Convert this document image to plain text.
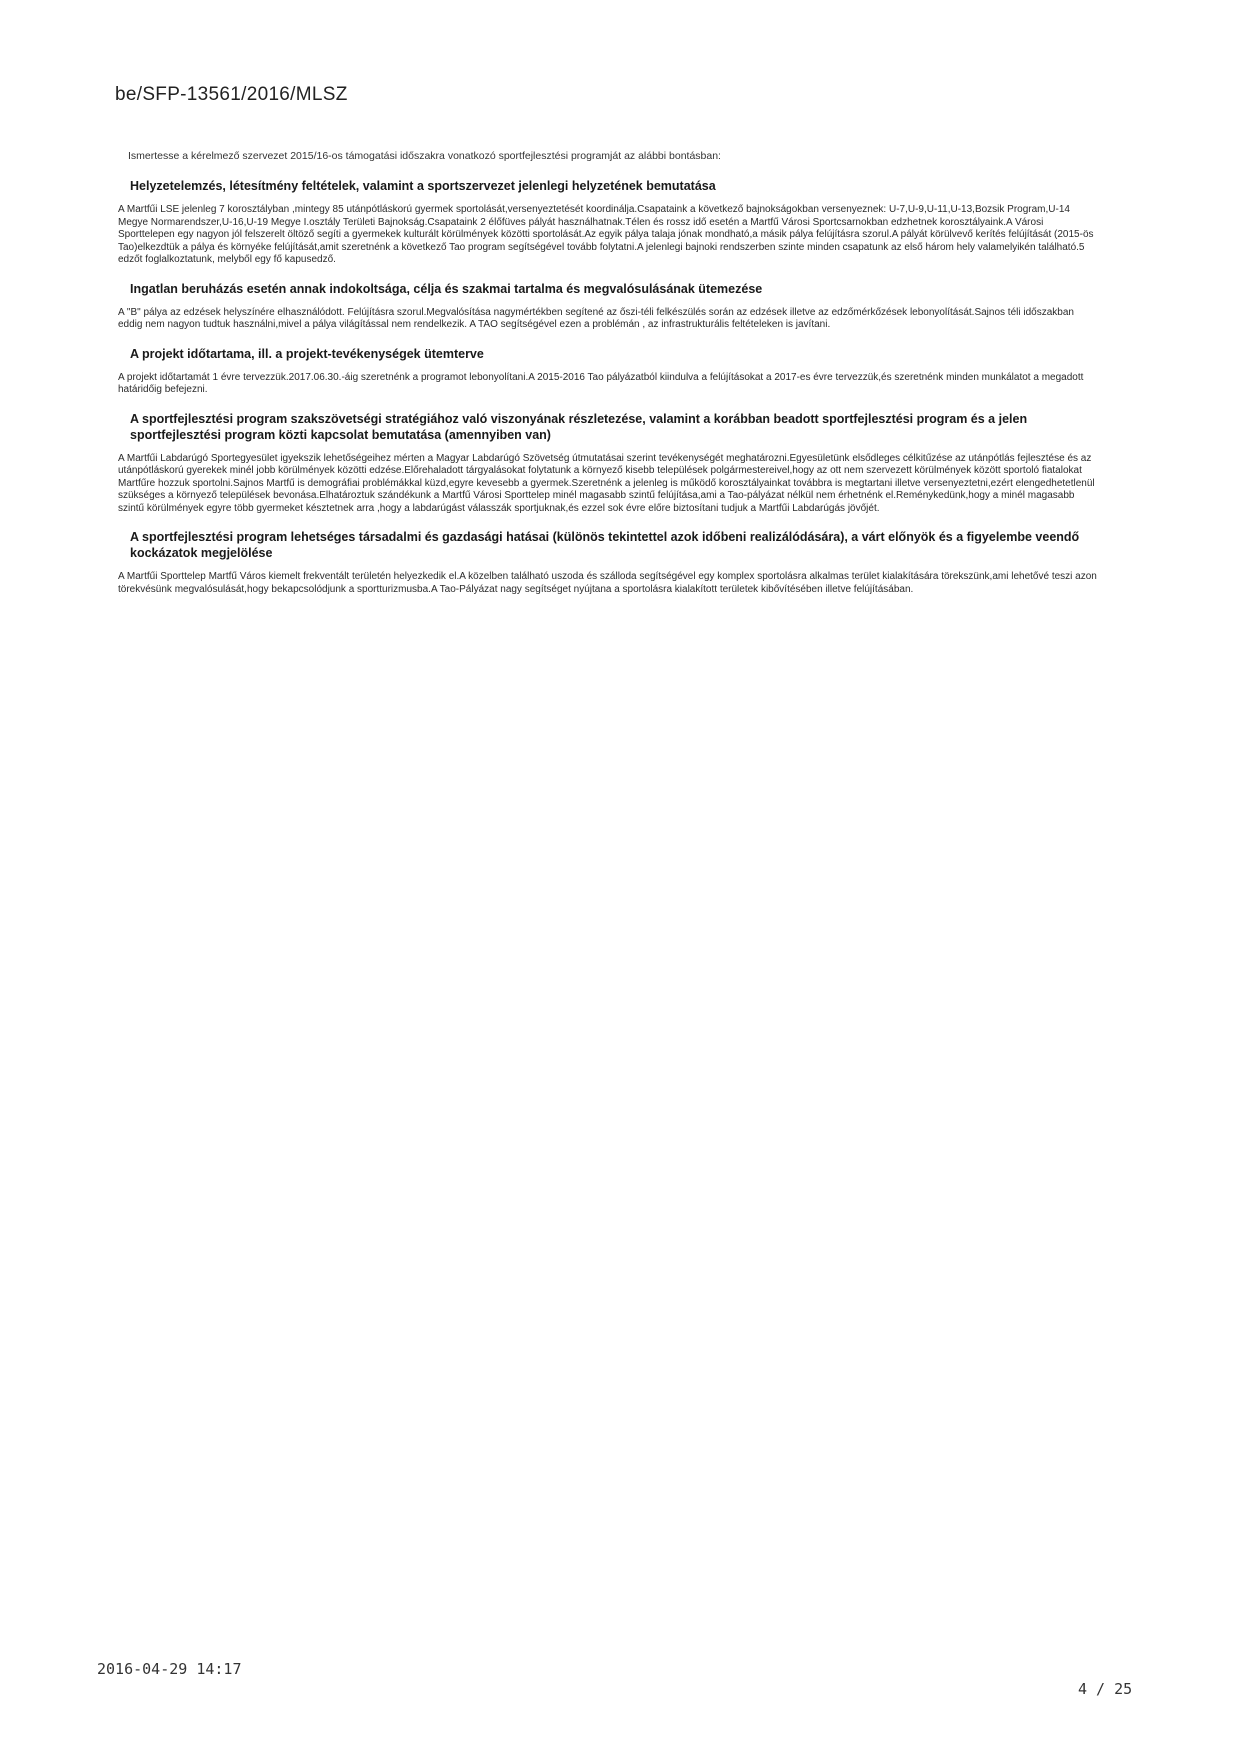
be/SFP-13561/2016/MLSZ

Ismertesse a kérelmező szervezet 2015/16-os támogatási időszakra vonatkozó sportfejlesztési programját az alábbi bontásban:

Helyzetelemzés, létesítmény feltételek, valamint a sportszervezet jelenlegi helyzetének bemutatása

A Martfűi LSE jelenleg 7 korosztályban ,mintegy 85 utánpótláskorú gyermek sportolását,versenyeztetését koordinálja.Csapataink a következő bajnokságokban versenyeznek: U-7,U-9,U-11,U-13,Bozsik Program,U-14 Megye Normarendszer,U-16,U-19 Megye I.osztály Területi Bajnokság.Csapataink 2 élőfüves pályát használhatnak.Télen és rossz idő esetén a Martfű Városi Sportcsarnokban edzhetnek korosztályaink.A Városi Sporttelepen egy nagyon jól felszerelt öltöző segíti a gyermekek kulturált körülmények közötti sportolását.Az egyik pálya talaja jónak mondható,a másik pálya felújításra szorul.A pályát körülvevő kerítés felújítását (2015-ös Tao)elkezdtük a pálya és környéke felújítását,amit szeretnénk a következő Tao program segítségével tovább folytatni.A jelenlegi bajnoki rendszerben szinte minden csapatunk az első három hely valamelyikén található.5 edzőt foglalkoztatunk, melyből egy fő kapusedző.

Ingatlan beruházás esetén annak indokoltsága, célja és szakmai tartalma és megvalósulásának ütemezése

A "B" pálya az edzések helyszínére elhasználódott. Felújításra szorul.Megvalósítása nagymértékben segítené az őszi-téli felkészülés során az edzések illetve az edzőmérkőzések lebonyolítását.Sajnos téli időszakban eddig nem nagyon tudtuk használni,mivel a pálya világítással nem rendelkezik. A TAO segítségével ezen a problémán , az infrastrukturális feltételeken is javítani.

A projekt időtartama, ill. a projekt-tevékenységek ütemterve

A projekt időtartamát 1 évre tervezzük.2017.06.30.-áig szeretnénk a programot lebonyolítani.A 2015-2016 Tao pályázatból kiindulva a felújításokat a 2017-es évre tervezzük,és szeretnénk minden munkálatot a megadott határidőig befejezni.

A sportfejlesztési program szakszövetségi stratégiához való viszonyának részletezése, valamint a korábban beadott sportfejlesztési program és a jelen sportfejlesztési program közti kapcsolat bemutatása (amennyiben van)

A Martfűi Labdarúgó Sportegyesület igyekszik lehetőségeihez mérten a Magyar Labdarúgó Szövetség útmutatásai szerint tevékenységét meghatározni.Egyesületünk elsődleges célkitűzése az utánpótlás fejlesztése és az utánpótláskorú gyerekek minél jobb körülmények közötti edzése.Előrehaladott tárgyalásokat folytatunk a környező kisebb települések polgármestereivel,hogy az ott nem szervezett körülmények között sportoló fiatalokat Martfűre hozzuk sportolni.Sajnos Martfű is demográfiai problémákkal küzd,egyre kevesebb a gyermek.Szeretnénk a jelenleg is működő korosztályainkat továbbra is megtartani illetve versenyeztetni,ezért elengedhetetlenül szükséges a környező települések bevonása.Elhatároztuk szándékunk a Martfű Városi Sporttelep minél magasabb szintű felújítása,ami a Tao-pályázat nélkül nem érhetnénk el.Reménykedünk,hogy a minél magasabb szintű körülmények egyre több gyermeket késztetnek arra ,hogy a labdarúgást válasszák sportjuknak,és ezzel sok évre előre biztosítani tudjuk a Martfűi Labdarúgás jövőjét.

A sportfejlesztési program lehetséges társadalmi és gazdasági hatásai (különös tekintettel azok időbeni realizálódására), a várt előnyök és a figyelembe veendő kockázatok megjelölése

A Martfűi Sporttelep Martfű Város kiemelt frekventált területén helyezkedik el.A közelben található uszoda és szálloda segítségével egy komplex sportolásra alkalmas terület kialakítására törekszünk,ami lehetővé teszi azon törekvésünk megvalósulását,hogy bekapcsolódjunk a sportturizmusba.A Tao-Pályázat nagy segítséget nyújtana a sportolásra kialakított területek kibővítésében illetve felújításában.

2016-04-29 14:17
4 / 25
